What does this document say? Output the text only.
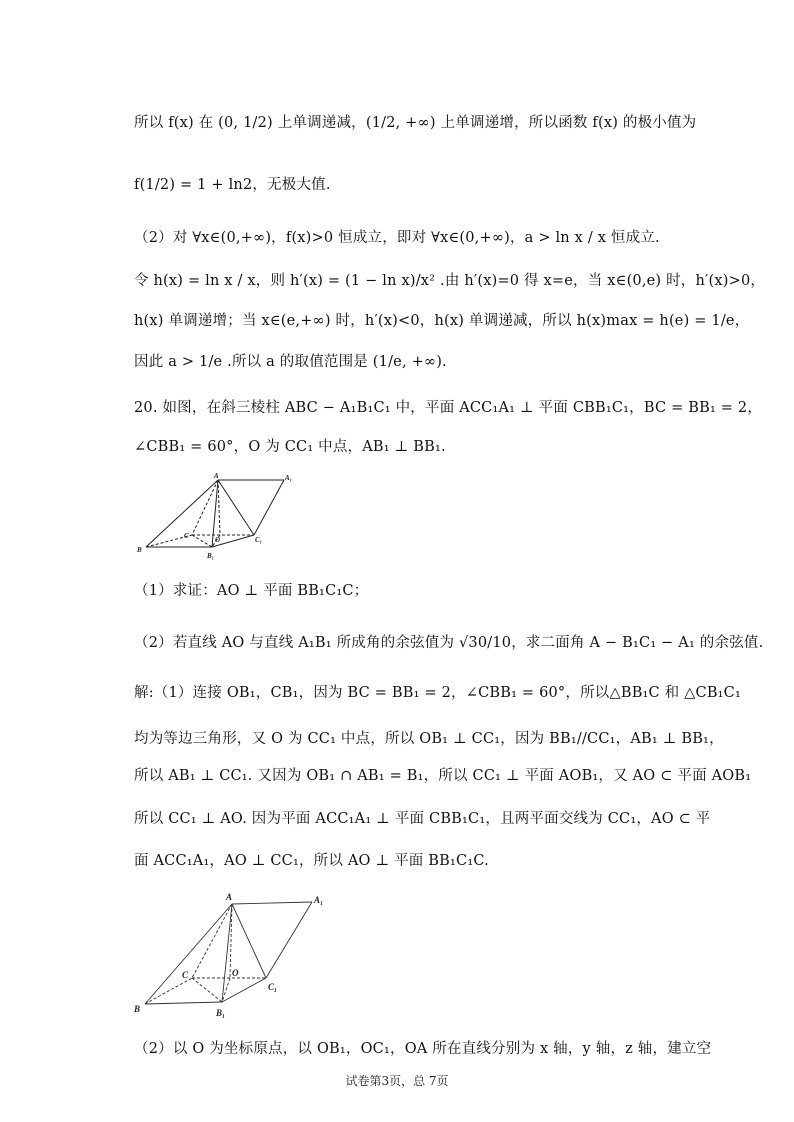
所以 f(x) 在 (0, 1/2) 上单调递减，(1/2, +∞) 上单调递增，所以函数 f(x) 的极小值为
f(1/2) = 1 + ln2，无极大值.
（2）对 ∀x∈(0,+∞)，f(x)>0 恒成立，即对 ∀x∈(0,+∞)，a > ln x / x 恒成立.
令 h(x) = ln x / x，则 h′(x) = (1 − ln x)/x² .由 h′(x)=0 得 x=e，当 x∈(0,e) 时，h′(x)>0，
h(x) 单调递增；当 x∈(e,+∞) 时，h′(x)<0，h(x) 单调递减，所以 h(x)max = h(e) = 1/e，
因此 a > 1/e .所以 a 的取值范围是 (1/e, +∞).
20. 如图，在斜三棱柱 ABC − A₁B₁C₁ 中，平面 ACC₁A₁ ⊥ 平面 CBB₁C₁，BC = BB₁ = 2，
∠CBB₁ = 60°，O 为 CC₁ 中点，AB₁ ⊥ BB₁.
A	A₁
B
B₁
C	C₁
O
（1）求证：AO ⊥ 平面 BB₁C₁C；
（2）若直线 AO 与直线 A₁B₁ 所成角的余弦值为 √30/10，求二面角 A − B₁C₁ − A₁ 的余弦值.
解:（1）连接 OB₁，CB₁，因为 BC = BB₁ = 2，∠CBB₁ = 60°，所以△BB₁C 和 △CB₁C₁
均为等边三角形，又 O 为 CC₁ 中点，所以 OB₁ ⊥ CC₁，因为 BB₁//CC₁，AB₁ ⊥ BB₁，
所以 AB₁ ⊥ CC₁. 又因为 OB₁ ∩ AB₁ = B₁，所以 CC₁ ⊥ 平面 AOB₁，又 AO ⊂ 平面 AOB₁
所以 CC₁ ⊥ AO. 因为平面 ACC₁A₁ ⊥ 平面 CBB₁C₁，且两平面交线为 CC₁，AO ⊂ 平
面 ACC₁A₁，AO ⊥ CC₁，所以 AO ⊥ 平面 BB₁C₁C.
A	A₁
B	B₁
C
C₁
O
（2）以 O 为坐标原点，以 OB₁，OC₁，OA 所在直线分别为 x 轴，y 轴，z 轴，建立空
试卷第3页，总 7页
